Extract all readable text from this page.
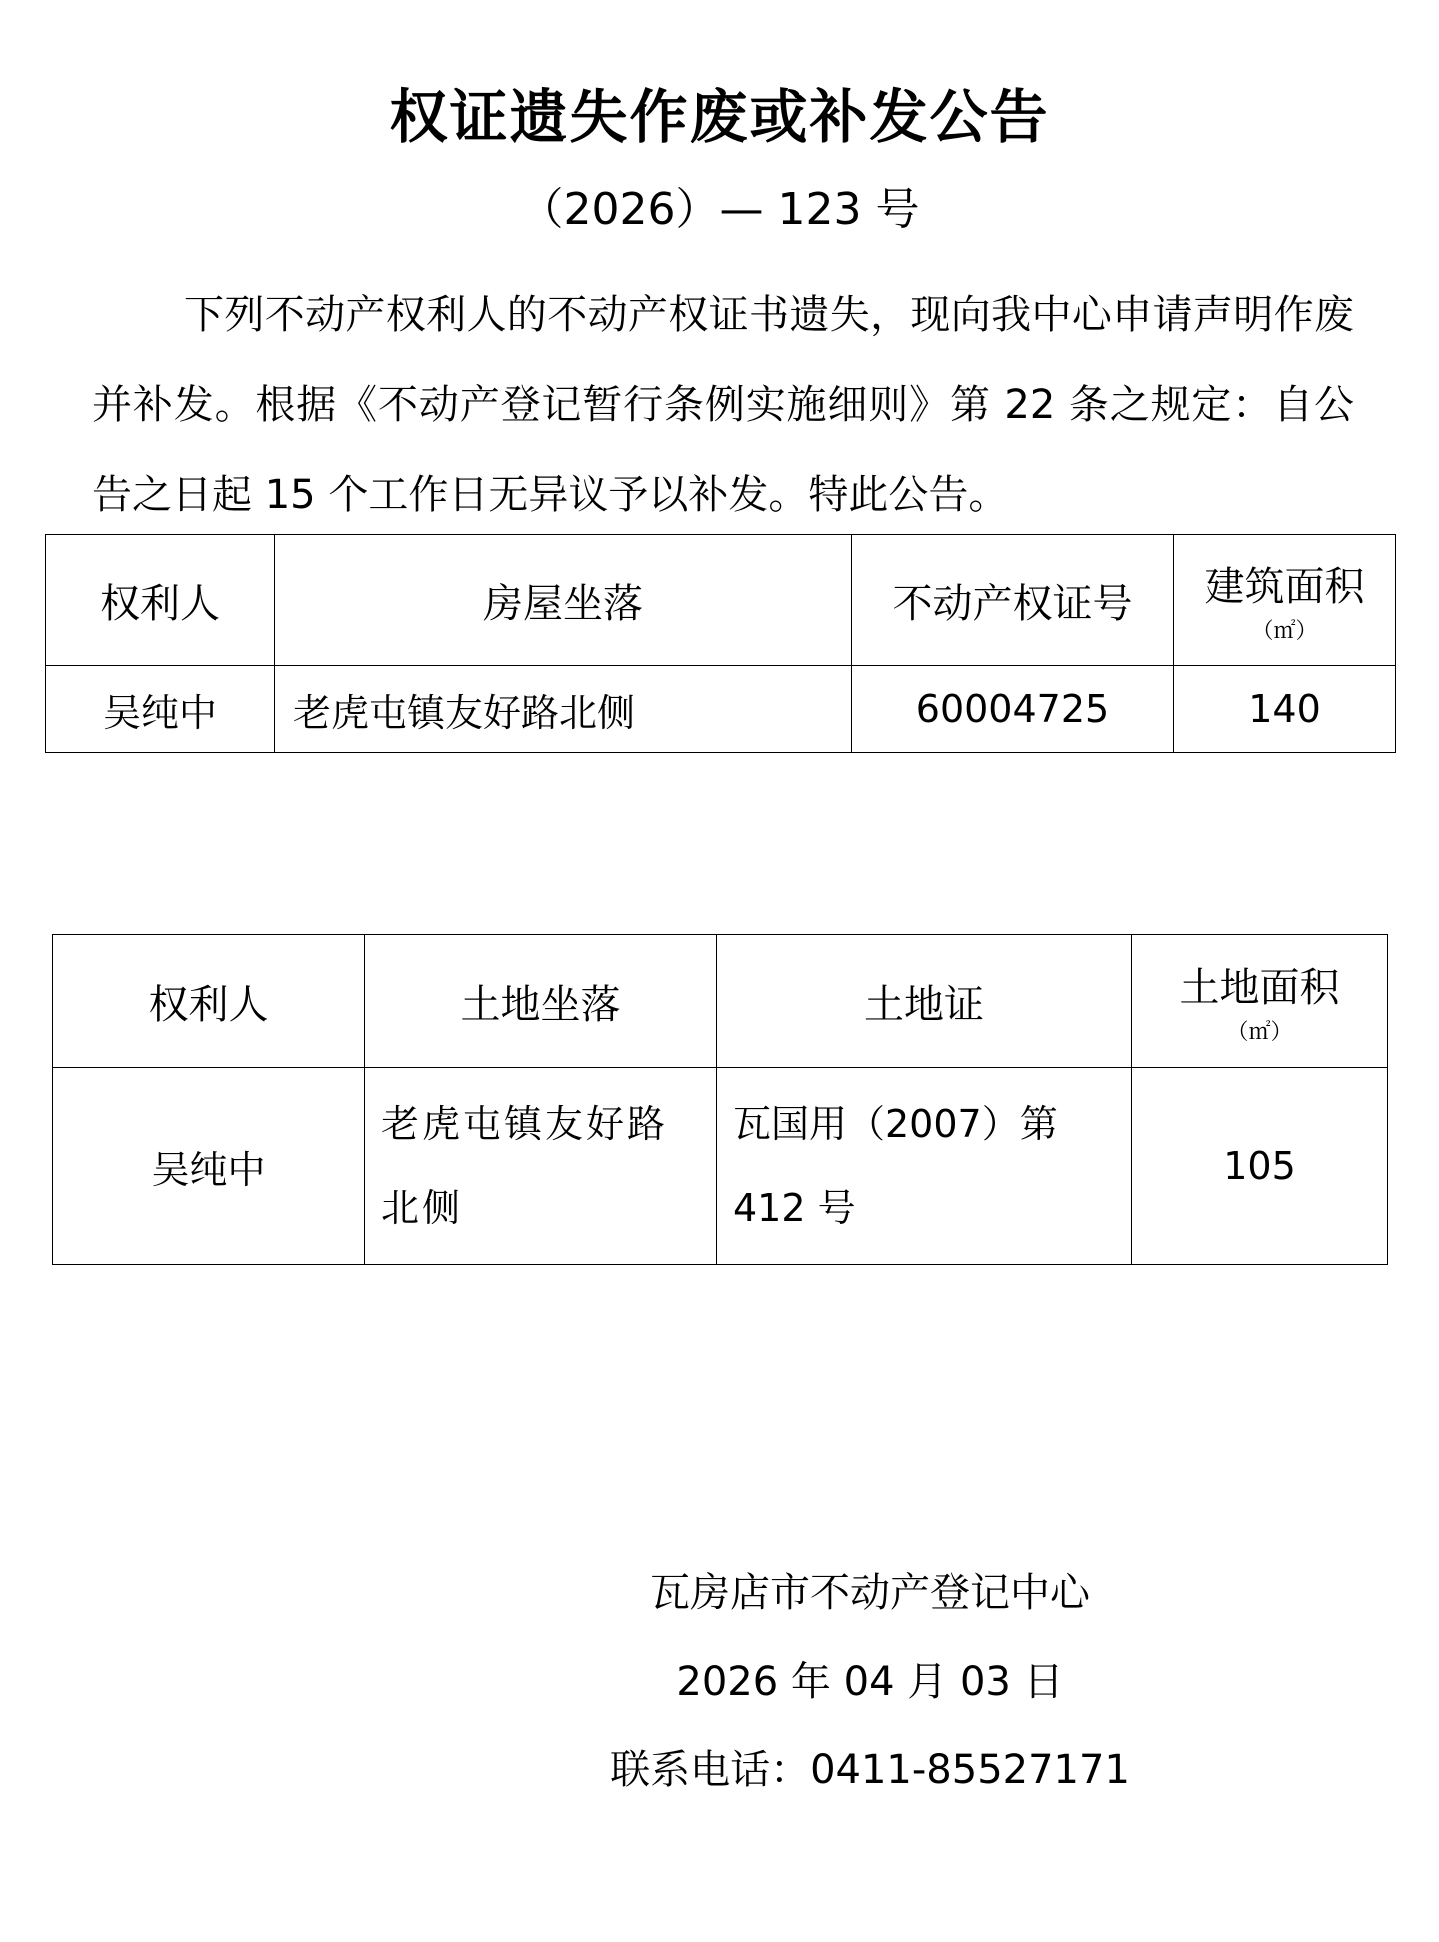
权证遗失作废或补发公告
（2026）— 123 号

下列不动产权利人的不动产权证书遗失，现向我中心申请声明作废并补发。根据《不动产登记暂行条例实施细则》第 22 条之规定：自公告之日起 15 个工作日无异议予以补发。特此公告。

权利人	房屋坐落	不动产权证号	建筑面积
（㎡）

吴纯中	老虎屯镇友好路北侧	60004725	140
权利人	土地坐落	土地证	土地面积
（㎡）

吴纯中	老虎屯镇友好路北侧	瓦国用（2007）第412 号	105
瓦房店市不动产登记中心
2026 年 04 月 03 日
联系电话：0411-85527171
